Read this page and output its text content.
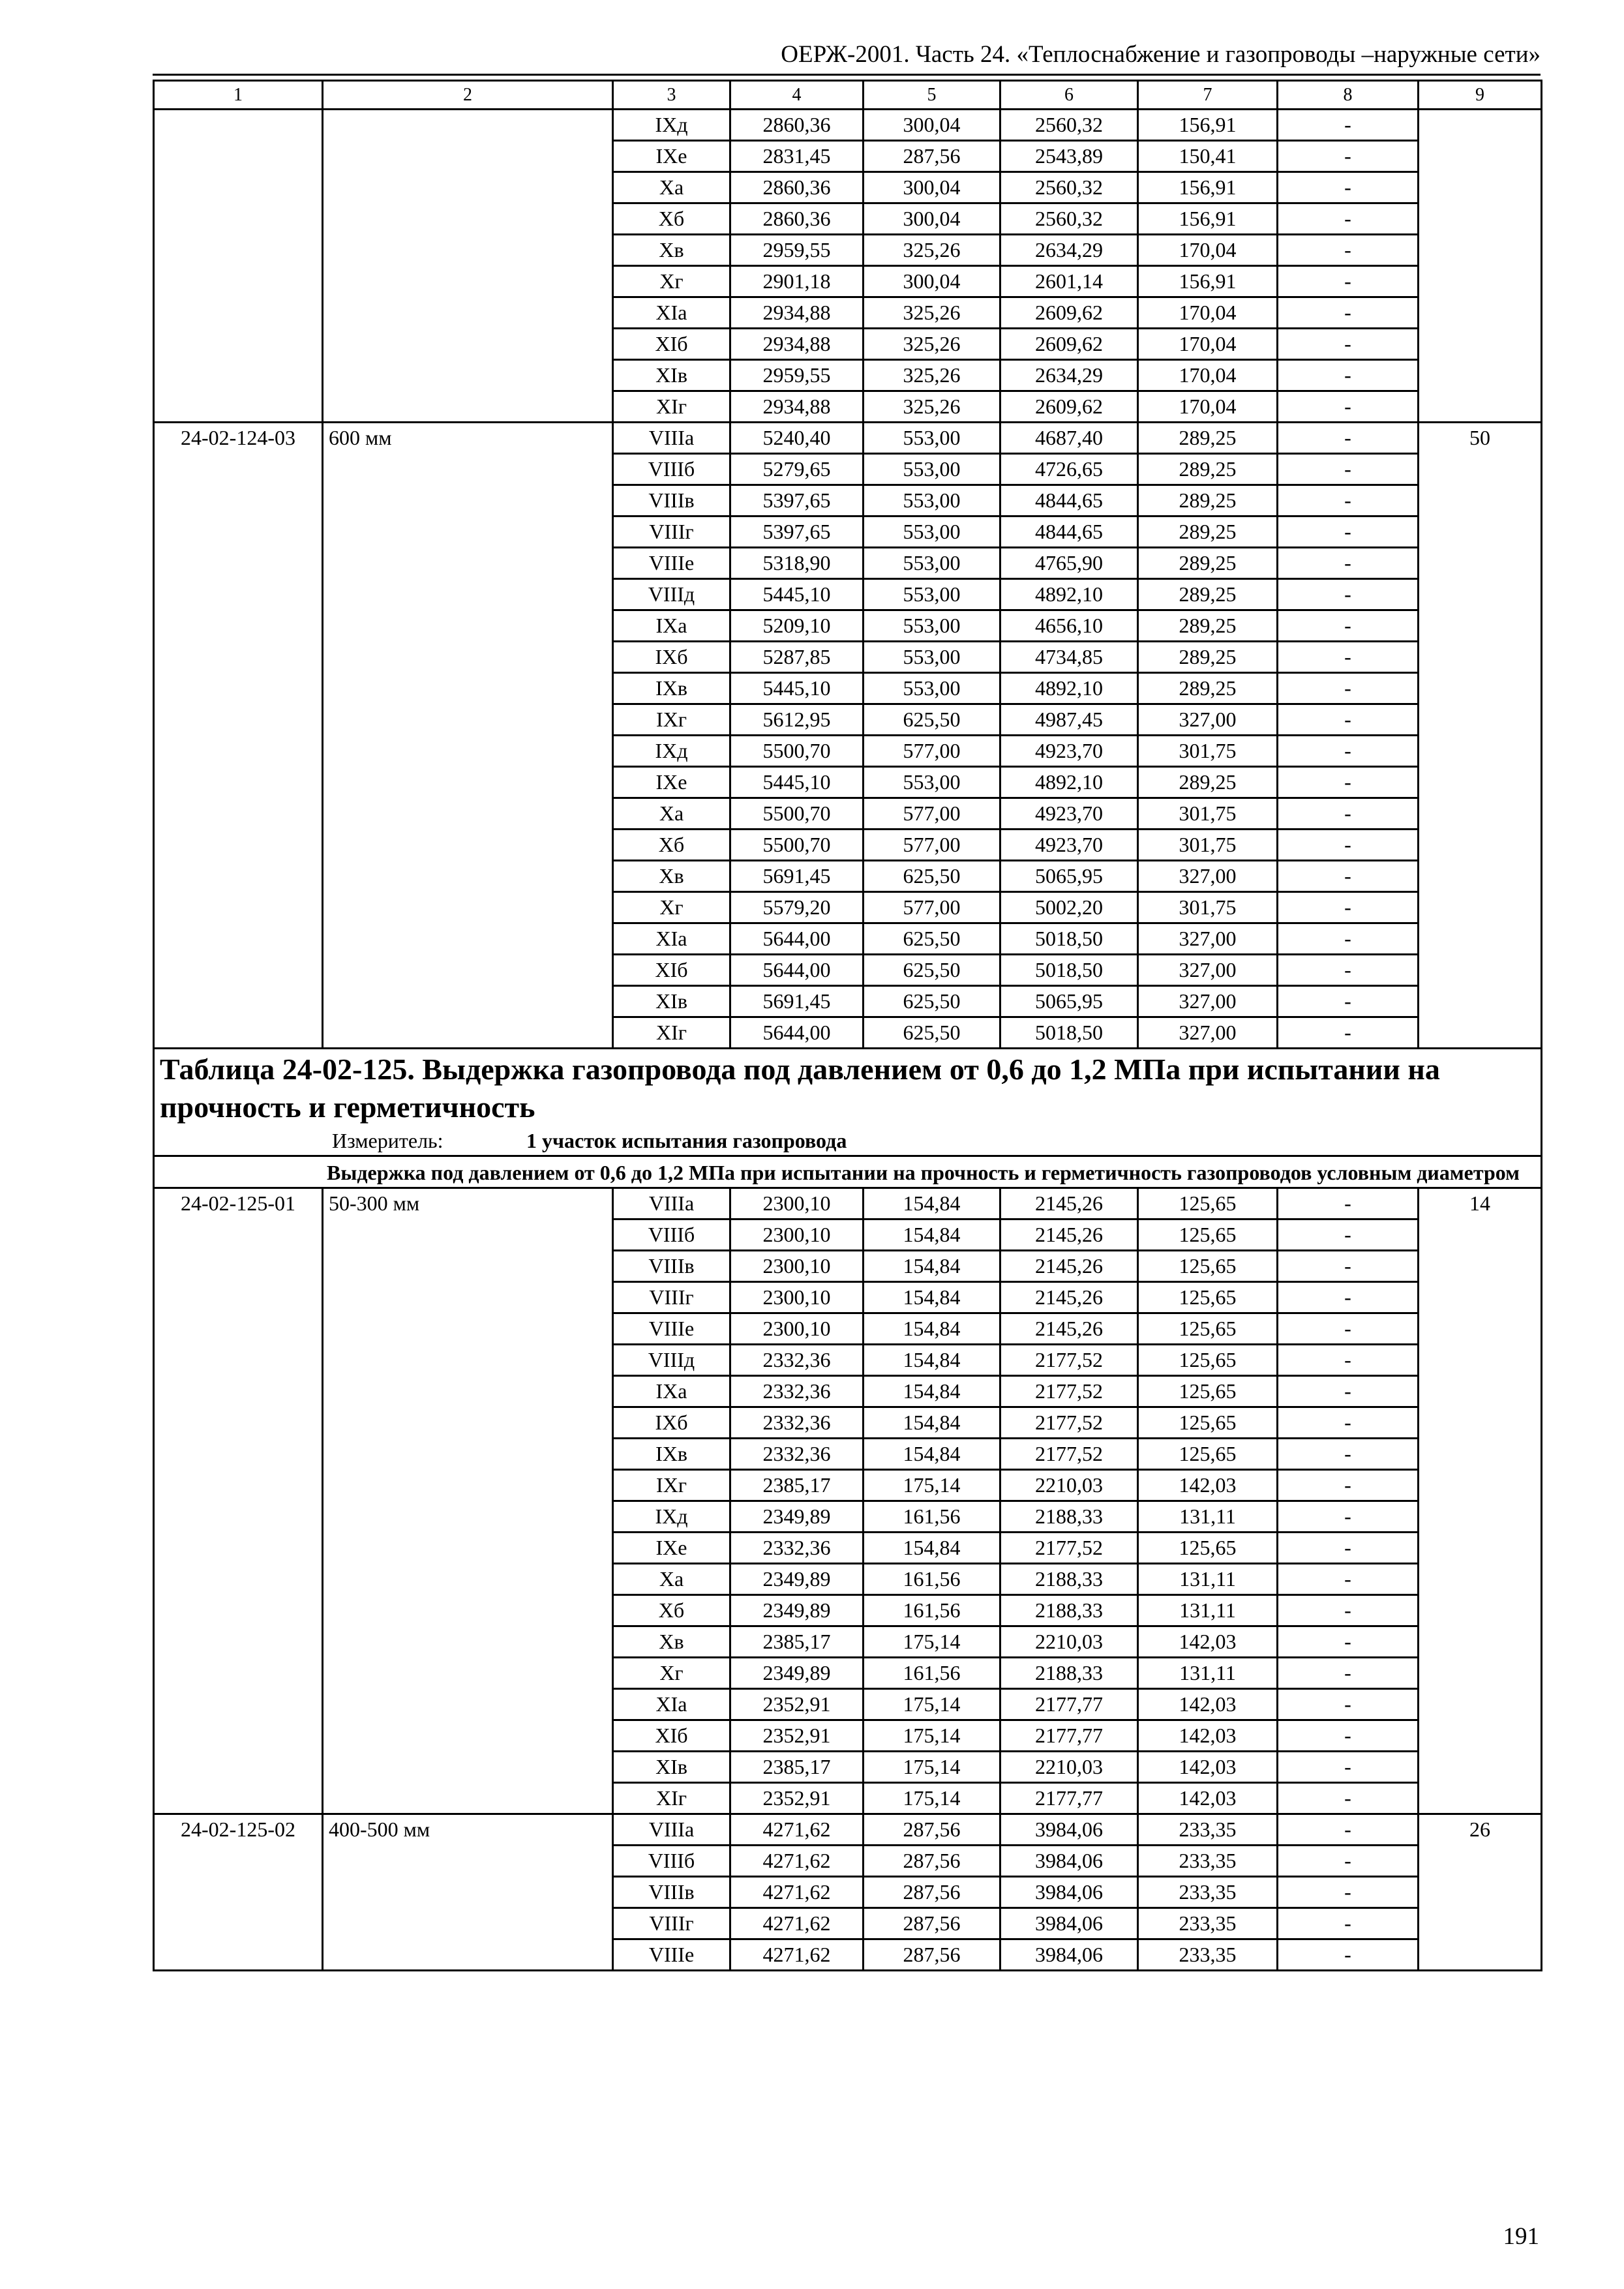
ОЕРЖ-2001. Часть 24. «Теплоснабжение и газопроводы –наружные сети»
1	2	3	4	5	6	7	8	9
		IXд	2860,36	300,04	2560,32	156,91	-	
		IXе	2831,45	287,56	2543,89	150,41	-	
		Xа	2860,36	300,04	2560,32	156,91	-	
		Xб	2860,36	300,04	2560,32	156,91	-	
		Xв	2959,55	325,26	2634,29	170,04	-	
		Xг	2901,18	300,04	2601,14	156,91	-	
		XIа	2934,88	325,26	2609,62	170,04	-	
		XIб	2934,88	325,26	2609,62	170,04	-	
		XIв	2959,55	325,26	2634,29	170,04	-	
		XIг	2934,88	325,26	2609,62	170,04	-	
24-02-124-03	600 мм	VIIIа	5240,40	553,00	4687,40	289,25	-	50
		VIIIб	5279,65	553,00	4726,65	289,25	-	
		VIIIв	5397,65	553,00	4844,65	289,25	-	
		VIIIг	5397,65	553,00	4844,65	289,25	-	
		VIIIе	5318,90	553,00	4765,90	289,25	-	
		VIIIд	5445,10	553,00	4892,10	289,25	-	
		IXа	5209,10	553,00	4656,10	289,25	-	
		IXб	5287,85	553,00	4734,85	289,25	-	
		IXв	5445,10	553,00	4892,10	289,25	-	
		IXг	5612,95	625,50	4987,45	327,00	-	
		IXд	5500,70	577,00	4923,70	301,75	-	
		IXе	5445,10	553,00	4892,10	289,25	-	
		Xа	5500,70	577,00	4923,70	301,75	-	
		Xб	5500,70	577,00	4923,70	301,75	-	
		Xв	5691,45	625,50	5065,95	327,00	-	
		Xг	5579,20	577,00	5002,20	301,75	-	
		XIа	5644,00	625,50	5018,50	327,00	-	
		XIб	5644,00	625,50	5018,50	327,00	-	
		XIв	5691,45	625,50	5065,95	327,00	-	
		XIг	5644,00	625,50	5018,50	327,00	-	

Таблица 24-02-125. Выдержка газопровода под давлением от 0,6 до 1,2 МПа при испытании на прочность и герметичность
Измеритель: 1 участок испытания газопровода								

Выдержка под давлением от 0,6 до 1,2 МПа при испытании на прочность и герметичность газопроводов условным диаметром								
24-02-125-01	50-300 мм	VIIIа	2300,10	154,84	2145,26	125,65	-	14
		VIIIб	2300,10	154,84	2145,26	125,65	-	
		VIIIв	2300,10	154,84	2145,26	125,65	-	
		VIIIг	2300,10	154,84	2145,26	125,65	-	
		VIIIе	2300,10	154,84	2145,26	125,65	-	
		VIIIд	2332,36	154,84	2177,52	125,65	-	
		IXа	2332,36	154,84	2177,52	125,65	-	
		IXб	2332,36	154,84	2177,52	125,65	-	
		IXв	2332,36	154,84	2177,52	125,65	-	
		IXг	2385,17	175,14	2210,03	142,03	-	
		IXд	2349,89	161,56	2188,33	131,11	-	
		IXе	2332,36	154,84	2177,52	125,65	-	
		Xа	2349,89	161,56	2188,33	131,11	-	
		Xб	2349,89	161,56	2188,33	131,11	-	
		Xв	2385,17	175,14	2210,03	142,03	-	
		Xг	2349,89	161,56	2188,33	131,11	-	
		XIа	2352,91	175,14	2177,77	142,03	-	
		XIб	2352,91	175,14	2177,77	142,03	-	
		XIв	2385,17	175,14	2210,03	142,03	-	
		XIг	2352,91	175,14	2177,77	142,03	-	
24-02-125-02	400-500 мм	VIIIа	4271,62	287,56	3984,06	233,35	-	26
		VIIIб	4271,62	287,56	3984,06	233,35	-	
		VIIIв	4271,62	287,56	3984,06	233,35	-	
		VIIIг	4271,62	287,56	3984,06	233,35	-	
		VIIIе	4271,62	287,56	3984,06	233,35	-	
191
